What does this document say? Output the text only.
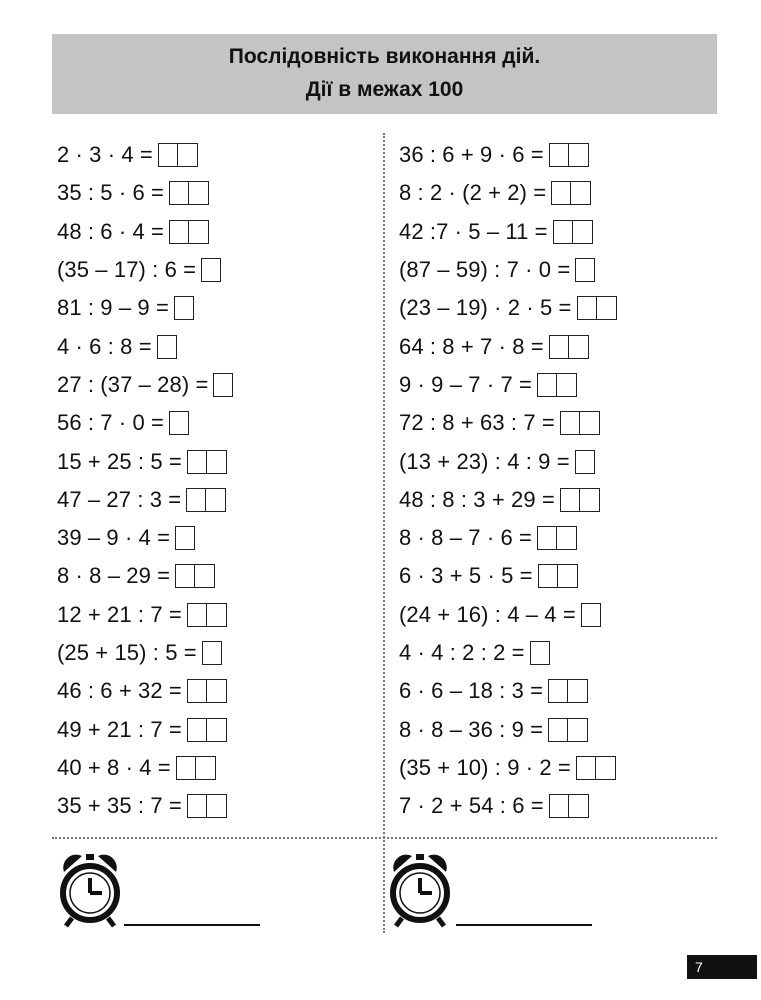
Послідовність виконання дій.
Дії в межах 100
2 · 3 · 4 =
35 : 5 · 6 =
48 : 6 · 4 =
(35 – 17) : 6 =
81 : 9 – 9 =
4 · 6 : 8 =
27 : (37 – 28) =
56 : 7 · 0 =
15 + 25 : 5 =
47 – 27 : 3 =
39 – 9 · 4 =
8 · 8 – 29 =
12 + 21 : 7 =
(25 + 15) : 5 =
46 : 6 + 32 =
49 + 21 : 7 =
40 + 8 · 4 =
35 + 35 : 7 =
36 : 6 + 9 · 6 =
8 : 2 · (2 + 2) =
42 :7 · 5 – 11 =
(87 – 59) : 7 · 0 =
(23 – 19) · 2 · 5 =
64 : 8 + 7 · 8 =
9 · 9 – 7 · 7 =
72 : 8 + 63 : 7 =
(13 + 23) : 4 : 9 =
48 : 8 : 3 + 29 =
8 · 8 – 7 · 6 =
6 · 3 + 5 · 5 =
(24 + 16) : 4 – 4 =
4 · 4 : 2 : 2 =
6 · 6 – 18 : 3 =
8 · 8 – 36 : 9 =
(35 + 10) : 9 · 2 =
7 · 2 + 54 : 6 =
7
